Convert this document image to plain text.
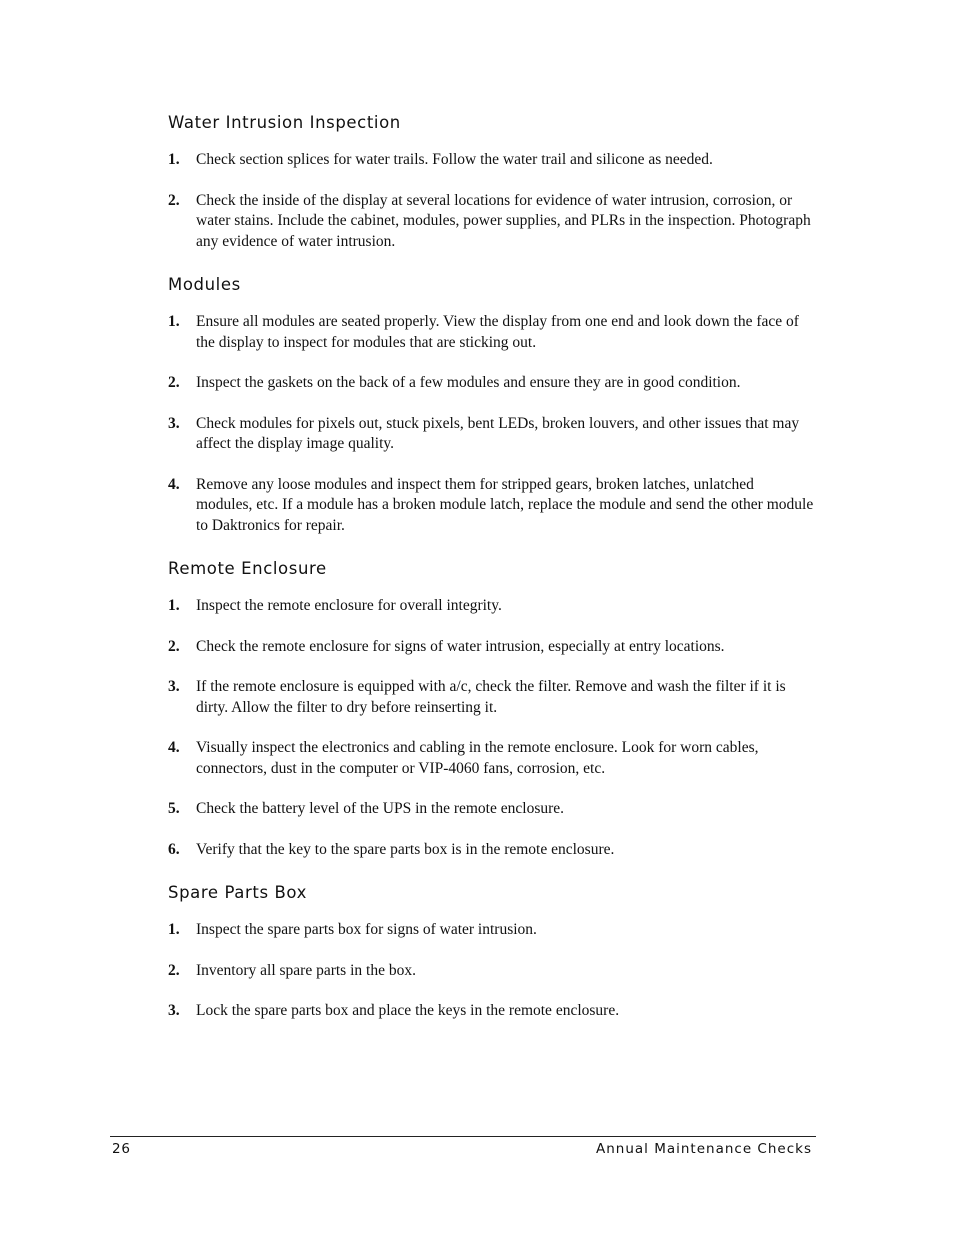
Water Intrusion Inspection
1. Check section splices for water trails. Follow the water trail and silicone as needed.
2. Check the inside of the display at several locations for evidence of water intrusion, corrosion, or water stains. Include the cabinet, modules, power supplies, and PLRs in the inspection. Photograph any evidence of water intrusion.
Modules
1. Ensure all modules are seated properly. View the display from one end and look down the face of the display to inspect for modules that are sticking out.
2. Inspect the gaskets on the back of a few modules and ensure they are in good condition.
3. Check modules for pixels out, stuck pixels, bent LEDs, broken louvers, and other issues that may affect the display image quality.
4. Remove any loose modules and inspect them for stripped gears, broken latches, unlatched modules, etc. If a module has a broken module latch, replace the module and send the other module to Daktronics for repair.
Remote Enclosure
1. Inspect the remote enclosure for overall integrity.
2. Check the remote enclosure for signs of water intrusion, especially at entry locations.
3. If the remote enclosure is equipped with a/c, check the filter. Remove and wash the filter if it is dirty. Allow the filter to dry before reinserting it.
4. Visually inspect the electronics and cabling in the remote enclosure. Look for worn cables, connectors, dust in the computer or VIP-4060 fans, corrosion, etc.
5. Check the battery level of the UPS in the remote enclosure.
6. Verify that the key to the spare parts box is in the remote enclosure.
Spare Parts Box
1. Inspect the spare parts box for signs of water intrusion.
2. Inventory all spare parts in the box.
3. Lock the spare parts box and place the keys in the remote enclosure.
26	Annual Maintenance Checks
